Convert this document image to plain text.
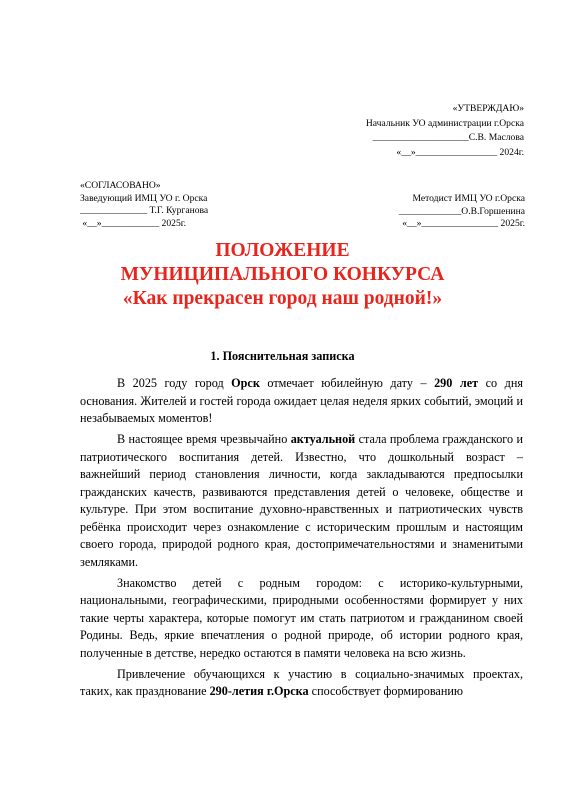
«УТВЕРЖДАЮ»
Начальник УО администрации г.Орска
____________________С.В. Маслова
«__»_________________ 2024г.
«СОГЛАСОВАНО»
Заведующий ИМЦ УО г. Орска
______________ Т.Г. Курганова
«__»____________ 2025г.
Методист ИМЦ УО г.Орска
_____________О.В.Горшенина
«__»________________ 2025г.
ПОЛОЖЕНИЕ
МУНИЦИПАЛЬНОГО КОНКУРСА
«Как прекрасен город наш родной!»
1. Пояснительная записка

В 2025 году город Орск отмечает юбилейную дату – 290 лет со дня основания. Жителей и гостей города ожидает целая неделя ярких событий, эмоций и незабываемых моментов!

В настоящее время чрезвычайно актуальной стала проблема гражданского и патриотического воспитания детей. Известно, что дошкольный возраст – важнейший период становления личности, когда закладываются предпосылки гражданских качеств, развиваются представления детей о человеке, обществе и культуре. При этом воспитание духовно-нравственных и патриотических чувств ребёнка происходит через ознакомление с историческим прошлым и настоящим своего города, природой родного края, достопримечательностями и знаменитыми земляками.

Знакомство детей с родным городом: с историко-культурными, национальными, географическими, природными особенностями формирует у них такие черты характера, которые помогут им стать патриотом и гражданином своей Родины. Ведь, яркие впечатления о родной природе, об истории родного края, полученные в детстве, нередко остаются в памяти человека на всю жизнь.

Привлечение обучающихся к участию в социально-значимых проектах, таких, как празднование 290-летия г.Орска способствует формированию
